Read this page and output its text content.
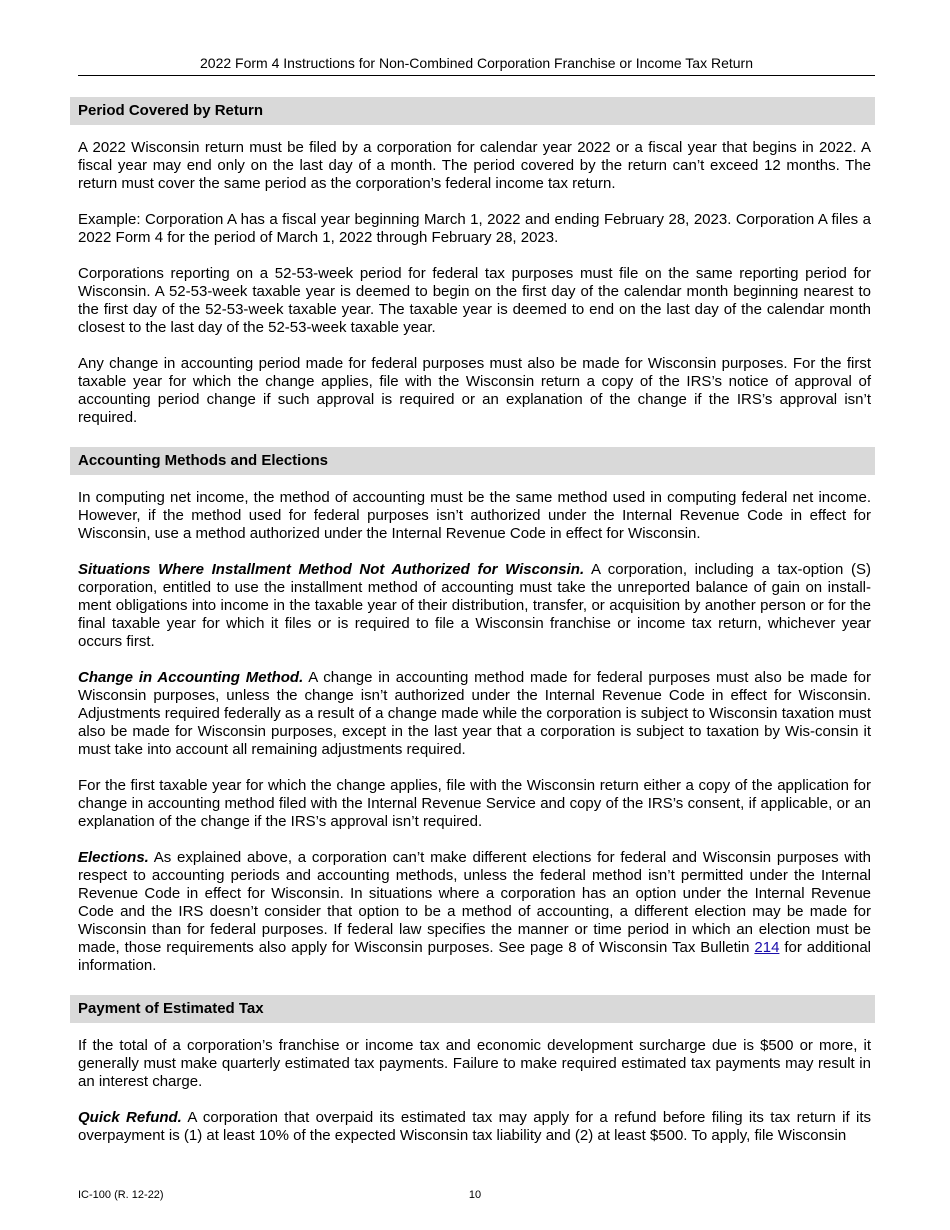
2022 Form 4 Instructions for Non-Combined Corporation Franchise or Income Tax Return
Period Covered by Return

A 2022 Wisconsin return must be filed by a corporation for calendar year 2022 or a fiscal year that begins in 2022. A fiscal year may end only on the last day of a month. The period covered by the return can’t exceed 12 months. The return must cover the same period as the corporation’s federal income tax return.

Example: Corporation A has a fiscal year beginning March 1, 2022 and ending February 28, 2023. Corporation A files a 2022 Form 4 for the period of March 1, 2022 through February 28, 2023.

Corporations reporting on a 52-53-week period for federal tax purposes must file on the same reporting period for Wisconsin. A 52-53-week taxable year is deemed to begin on the first day of the calendar month beginning nearest to the first day of the 52-53-week taxable year. The taxable year is deemed to end on the last day of the calendar month closest to the last day of the 52-53-week taxable year.

Any change in accounting period made for federal purposes must also be made for Wisconsin purposes. For the first taxable year for which the change applies, file with the Wisconsin return a copy of the IRS’s notice of approval of accounting period change if such approval is required or an explanation of the change if the IRS’s approval isn’t required.

Accounting Methods and Elections

In computing net income, the method of accounting must be the same method used in computing federal net income. However, if the method used for federal purposes isn’t authorized under the Internal Revenue Code in effect for Wisconsin, use a method authorized under the Internal Revenue Code in effect for Wisconsin.

Situations Where Installment Method Not Authorized for Wisconsin. A corporation, including a tax-option (S) corporation, entitled to use the installment method of accounting must take the unreported balance of gain on install-ment obligations into income in the taxable year of their distribution, transfer, or acquisition by another person or for the final taxable year for which it files or is required to file a Wisconsin franchise or income tax return, whichever year occurs first.

Change in Accounting Method. A change in accounting method made for federal purposes must also be made for Wisconsin purposes, unless the change isn’t authorized under the Internal Revenue Code in effect for Wisconsin. Adjustments required federally as a result of a change made while the corporation is subject to Wisconsin taxation must also be made for Wisconsin purposes, except in the last year that a corporation is subject to taxation by Wis-consin it must take into account all remaining adjustments required.

For the first taxable year for which the change applies, file with the Wisconsin return either a copy of the application for change in accounting method filed with the Internal Revenue Service and copy of the IRS’s consent, if applicable, or an explanation of the change if the IRS’s approval isn’t required.

Elections. As explained above, a corporation can’t make different elections for federal and Wisconsin purposes with respect to accounting periods and accounting methods, unless the federal method isn’t permitted under the Internal Revenue Code in effect for Wisconsin. In situations where a corporation has an option under the Internal Revenue Code and the IRS doesn’t consider that option to be a method of accounting, a different election may be made for Wisconsin than for federal purposes. If federal law specifies the manner or time period in which an election must be made, those requirements also apply for Wisconsin purposes. See page 8 of Wisconsin Tax Bulletin 214 for additional information.

Payment of Estimated Tax

If the total of a corporation’s franchise or income tax and economic development surcharge due is $500 or more, it generally must make quarterly estimated tax payments. Failure to make required estimated tax payments may result in an interest charge.

Quick Refund. A corporation that overpaid its estimated tax may apply for a refund before filing its tax return if its overpayment is (1) at least 10% of the expected Wisconsin tax liability and (2) at least $500. To apply, file Wisconsin

IC-100 (R. 12-22)	10
